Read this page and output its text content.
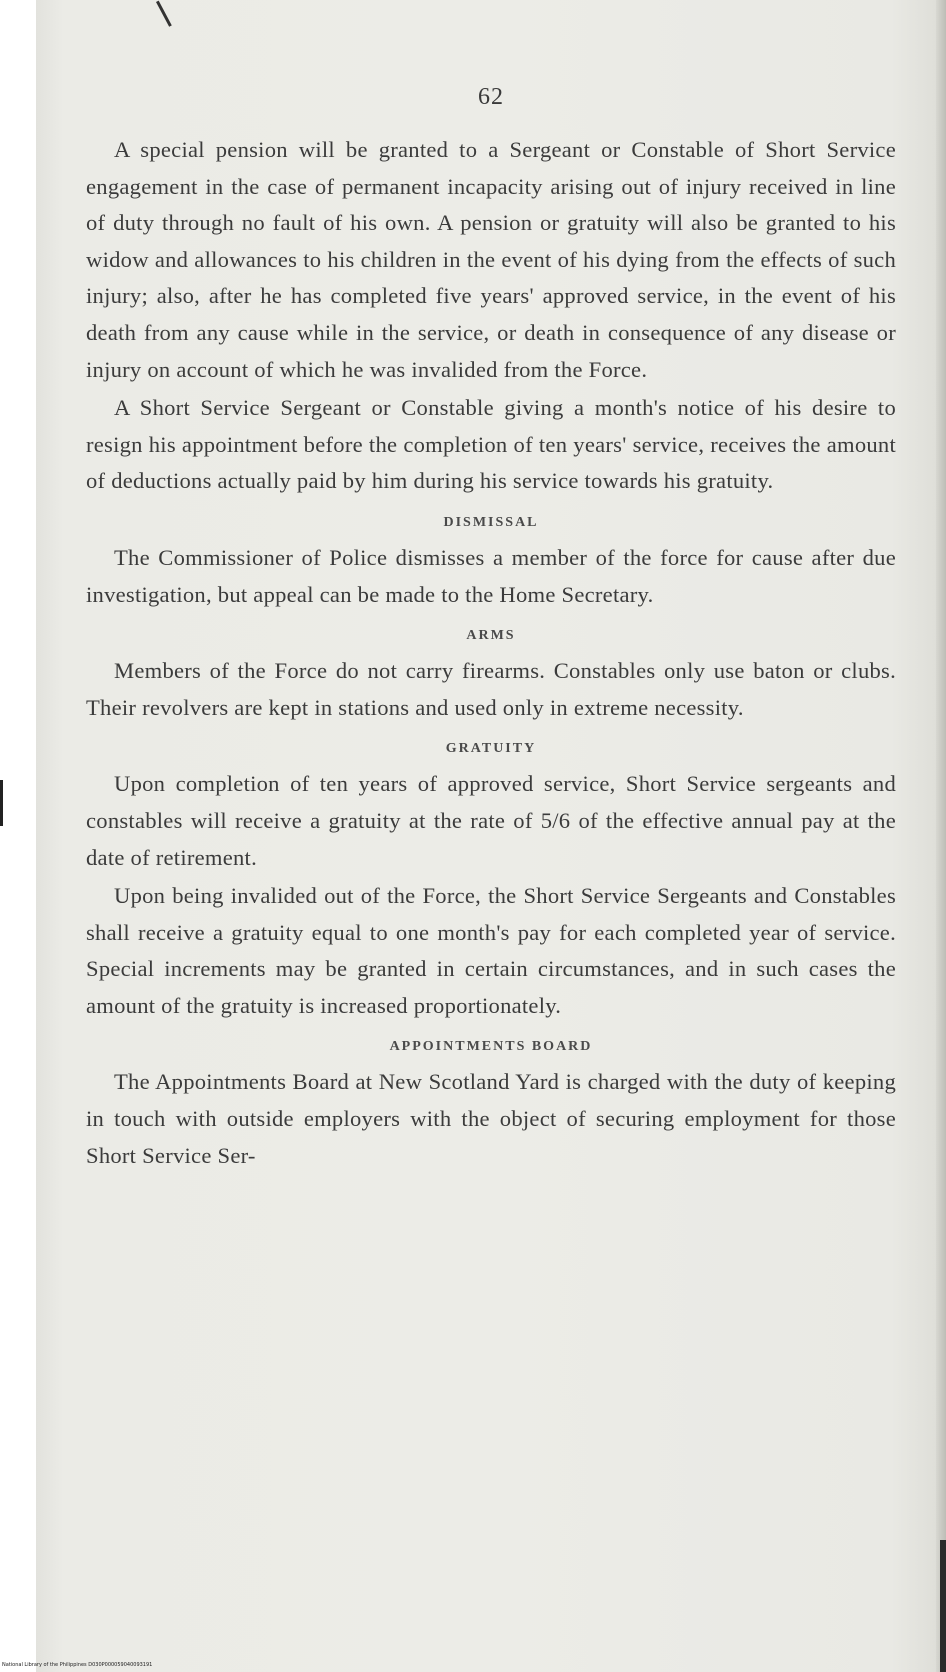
62

A special pension will be granted to a Sergeant or Constable of Short Service engagement in the case of permanent incapacity arising out of injury received in line of duty through no fault of his own. A pension or gratuity will also be granted to his widow and allowances to his children in the event of his dying from the effects of such injury; also, after he has completed five years' approved service, in the event of his death from any cause while in the service, or death in consequence of any disease or injury on account of which he was invalided from the Force.

A Short Service Sergeant or Constable giving a month's notice of his desire to resign his appointment before the completion of ten years' service, receives the amount of deductions actually paid by him during his service towards his gratuity.

DISMISSAL

The Commissioner of Police dismisses a member of the force for cause after due investigation, but appeal can be made to the Home Secretary.

ARMS

Members of the Force do not carry firearms. Constables only use baton or clubs. Their revolvers are kept in stations and used only in extreme necessity.

GRATUITY

Upon completion of ten years of approved service, Short Service sergeants and constables will receive a gratuity at the rate of 5/6 of the effective annual pay at the date of retirement.

Upon being invalided out of the Force, the Short Service Sergeants and Constables shall receive a gratuity equal to one month's pay for each completed year of service. Special increments may be granted in certain circumstances, and in such cases the amount of the gratuity is increased proportionately.

APPOINTMENTS BOARD

The Appointments Board at New Scotland Yard is charged with the duty of keeping in touch with outside employers with the object of securing employment for those Short Service Ser-

National Library of the Philippines D030P000059040093191
